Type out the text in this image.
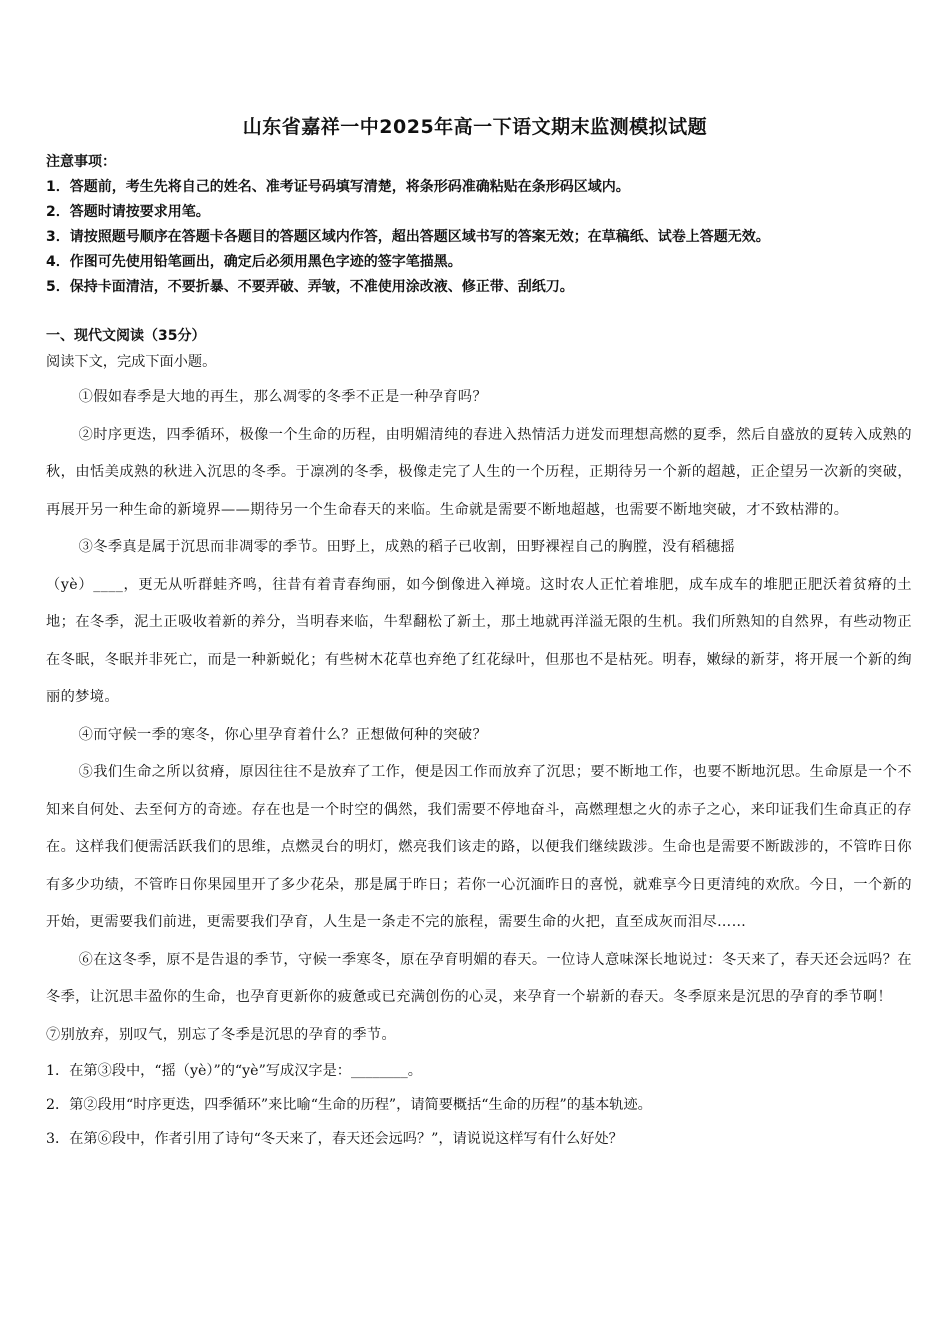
山东省嘉祥一中2025年高一下语文期末监测模拟试题
注意事项：
1．答题前，考生先将自己的姓名、准考证号码填写清楚，将条形码准确粘贴在条形码区域内。
2．答题时请按要求用笔。
3．请按照题号顺序在答题卡各题目的答题区域内作答，超出答题区域书写的答案无效；在草稿纸、试卷上答题无效。
4．作图可先使用铅笔画出，确定后必须用黑色字迹的签字笔描黑。
5．保持卡面清洁，不要折暴、不要弄破、弄皱，不准使用涂改液、修正带、刮纸刀。
一、现代文阅读（35分）
阅读下文，完成下面小题。

①假如春季是大地的再生，那么凋零的冬季不正是一种孕育吗？

②时序更迭，四季循环，极像一个生命的历程，由明媚清纯的春进入热情活力迸发而理想高燃的夏季，然后自盛放的夏转入成熟的秋，由恬美成熟的秋进入沉思的冬季。于凛冽的冬季，极像走完了人生的一个历程，正期待另一个新的超越，正企望另一次新的突破，再展开另一种生命的新境界——期待另一个生命春天的来临。生命就是需要不断地超越，也需要不断地突破，才不致枯滞的。

③冬季真是属于沉思而非凋零的季节。田野上，成熟的稻子已收割，田野裸裎自己的胸膛，没有稻穗摇

（yè）____，更无从听群蛙齐鸣，往昔有着青春绚丽，如今倒像进入禅境。这时农人正忙着堆肥，成车成车的堆肥正肥沃着贫瘠的土地；在冬季，泥土正吸收着新的养分，当明春来临，牛犁翻松了新土，那土地就再洋溢无限的生机。我们所熟知的自然界，有些动物正在冬眠，冬眠并非死亡，而是一种新蜕化；有些树木花草也弃绝了红花绿叶，但那也不是枯死。明春，嫩绿的新芽，将开展一个新的绚丽的梦境。

④而守候一季的寒冬，你心里孕育着什么？正想做何种的突破？

⑤我们生命之所以贫瘠，原因往往不是放弃了工作，便是因工作而放弃了沉思；要不断地工作，也要不断地沉思。生命原是一个不知来自何处、去至何方的奇迹。存在也是一个时空的偶然，我们需要不停地奋斗，高燃理想之火的赤子之心，来印证我们生命真正的存在。这样我们便需活跃我们的思维，点燃灵台的明灯，燃亮我们该走的路，以便我们继续跋涉。生命也是需要不断跋涉的，不管昨日你有多少功绩，不管昨日你果园里开了多少花朵，那是属于昨日；若你一心沉湎昨日的喜悦，就难享今日更清纯的欢欣。今日，一个新的开始，更需要我们前进，更需要我们孕育，人生是一条走不完的旅程，需要生命的火把，直至成灰而泪尽……

⑥在这冬季，原不是告退的季节，守候一季寒冬，原在孕育明媚的春天。一位诗人意味深长地说过：冬天来了，春天还会远吗？在冬季，让沉思丰盈你的生命，也孕育更新你的疲惫或已充满创伤的心灵，来孕育一个崭新的春天。冬季原来是沉思的孕育的季节啊！

⑦别放弃，别叹气，别忘了冬季是沉思的孕育的季节。

1．在第③段中，“摇（yè）”的“yè”写成汉字是：________。

2．第②段用“时序更迭，四季循环”来比喻“生命的历程”，请简要概括“生命的历程”的基本轨迹。

3．在第⑥段中，作者引用了诗句“冬天来了，春天还会远吗？”，请说说这样写有什么好处？
